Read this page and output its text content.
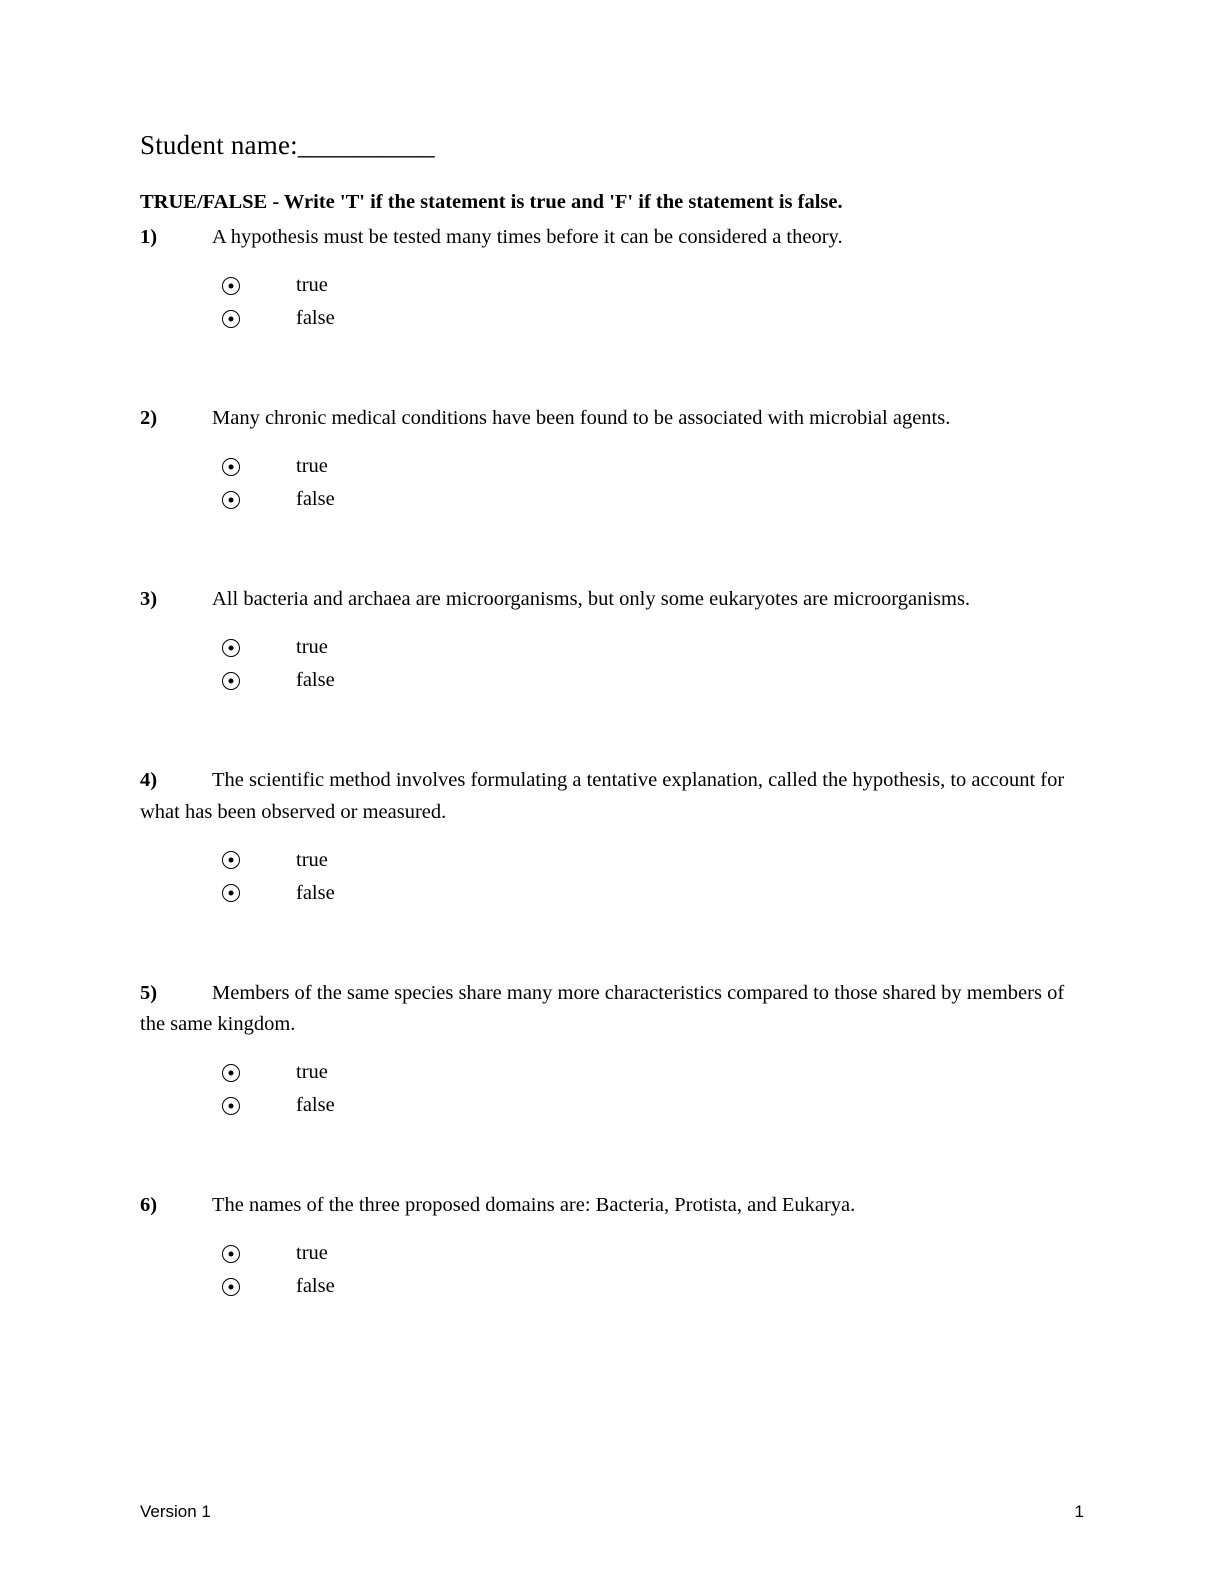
Student name:__________
TRUE/FALSE - Write 'T' if the statement is true and 'F' if the statement is false.

1)	A hypothesis must be tested many times before it can be considered a theory.

true
false

2)	Many chronic medical conditions have been found to be associated with microbial agents.

true
false

3)	All bacteria and archaea are microorganisms, but only some eukaryotes are microorganisms.

true
false

4)	The scientific method involves formulating a tentative explanation, called the hypothesis, to account for what has been observed or measured.

true
false

5)	Members of the same species share many more characteristics compared to those shared by members of the same kingdom.

true
false

6)	The names of the three proposed domains are: Bacteria, Protista, and Eukarya.

true
false
Version 1	1
